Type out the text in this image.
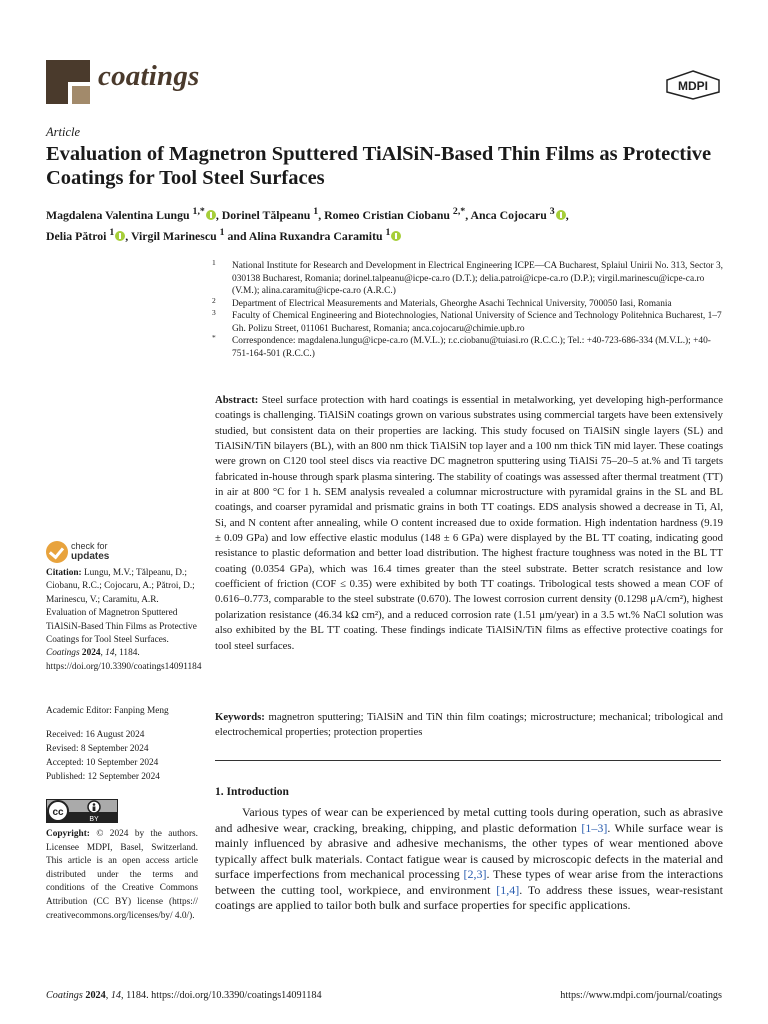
coatings	MDPI
Article
Evaluation of Magnetron Sputtered TiAlSiN-Based Thin Films as Protective Coatings for Tool Steel Surfaces
Magdalena Valentina Lungu $^{1,*}$ , Dorinel Tălpeanu $^1$, Romeo Cristian Ciobanu $^{2,*}$, Anca Cojocaru $^3$ ,
Delia Pătroi $^1$ , Virgil Marinescu $^1$ and Alina Ruxandra Caramitu $^1$
1 National Institute for Research and Development in Electrical Engineering ICPE—CA Bucharest, Splaiul Unirii No. 313, Sector 3, 030138 Bucharest, Romania; dorinel.talpeanu@icpe-ca.ro (D.T.); delia.patroi@icpe-ca.ro (D.P.); virgil.marinescu@icpe-ca.ro (V.M.); alina.caramitu@icpe-ca.ro (A.R.C.)
2 Department of Electrical Measurements and Materials, Gheorghe Asachi Technical University, 700050 Iasi, Romania
3 Faculty of Chemical Engineering and Biotechnologies, National University of Science and Technology Politehnica Bucharest, 1–7 Gh. Polizu Street, 011061 Bucharest, Romania; anca.cojocaru@chimie.upb.ro
* Correspondence: magdalena.lungu@icpe-ca.ro (M.V.L.); r.c.ciobanu@tuiasi.ro (R.C.C.); Tel.: +40-723-686-334 (M.V.L.); +40-751-164-501 (R.C.C.)
Abstract: Steel surface protection with hard coatings is essential in metalworking, yet developing high-performance coatings is challenging. TiAlSiN coatings grown on various substrates using commercial targets have been extensively studied, but consistent data on their properties are lacking. This study focused on TiAlSiN single layers (SL) and TiAlSiN/TiN bilayers (BL), with an 800 nm thick TiAlSiN top layer and a 100 nm thick TiN mid layer. These coatings were grown on C120 tool steel discs via reactive DC magnetron sputtering using TiAlSi 75–20–5 at.% and Ti targets fabricated in-house through spark plasma sintering. The stability of coatings was assessed after thermal treatment (TT) in air at 800 °C for 1 h. SEM analysis revealed a columnar microstructure with pyramidal grains in the SL and BL coatings, and coarser pyramidal and prismatic grains in both TT coatings. EDS analysis showed a decrease in Ti, Al, Si, and N content after annealing, while O content increased due to oxide formation. High indentation hardness (9.19 ± 0.09 GPa) and low effective elastic modulus (148 ± 6 GPa) were displayed by the BL TT coating, indicating good resistance to plastic deformation and better load distribution. The highest fracture toughness was noted in the BL TT coating (0.0354 GPa), which was 16.4 times greater than the steel substrate. Better scratch resistance and low coefficient of friction (COF ≤ 0.35) were exhibited by both TT coatings. Tribological tests showed a mean COF of 0.616–0.773, comparable to the steel substrate (0.670). The lowest corrosion current density (0.1298 μA/cm²), highest polarization resistance (46.34 kΩ cm²), and a reduced corrosion rate (1.51 μm/year) in a 3.5 wt.% NaCl solution was also exhibited by the BL TT coating. These findings indicate TiAlSiN/TiN films as effective protective coatings for tool steel surfaces.
Keywords: magnetron sputtering; TiAlSiN and TiN thin film coatings; microstructure; mechanical; tribological and electrochemical properties; protection properties
1. Introduction
Various types of wear can be experienced by metal cutting tools during operation, such as abrasive and adhesive wear, cracking, breaking, chipping, and plastic deformation [1–3]. While surface wear is mainly influenced by abrasive and adhesive mechanisms, the other types of wear mentioned above typically affect bulk materials. Contact fatigue wear is caused by microscopic defects in the material and surface imperfections from mechanical processing [2,3]. These types of wear arise from the interactions between the cutting tool, workpiece, and environment [1,4]. To address these issues, wear-resistant coatings are applied to tailor both bulk and surface properties for specific applications.
check for
updates
Citation: Lungu, M.V.; Tălpeanu, D.; Ciobanu, R.C.; Cojocaru, A.; Pătroi, D.; Marinescu, V.; Caramitu, A.R. Evaluation of Magnetron Sputtered TiAlSiN-Based Thin Films as Protective Coatings for Tool Steel Surfaces. Coatings 2024, 14, 1184. https://doi.org/10.3390/coatings14091184
Academic Editor: Fanping Meng
Received: 16 August 2024
Revised: 8 September 2024
Accepted: 10 September 2024
Published: 12 September 2024
cc
BY
Copyright: © 2024 by the authors. Licensee MDPI, Basel, Switzerland. This article is an open access article distributed under the terms and conditions of the Creative Commons Attribution (CC BY) license (https:// creativecommons.org/licenses/by/ 4.0/).
Coatings 2024, 14, 1184. https://doi.org/10.3390/coatings14091184	https://www.mdpi.com/journal/coatings
